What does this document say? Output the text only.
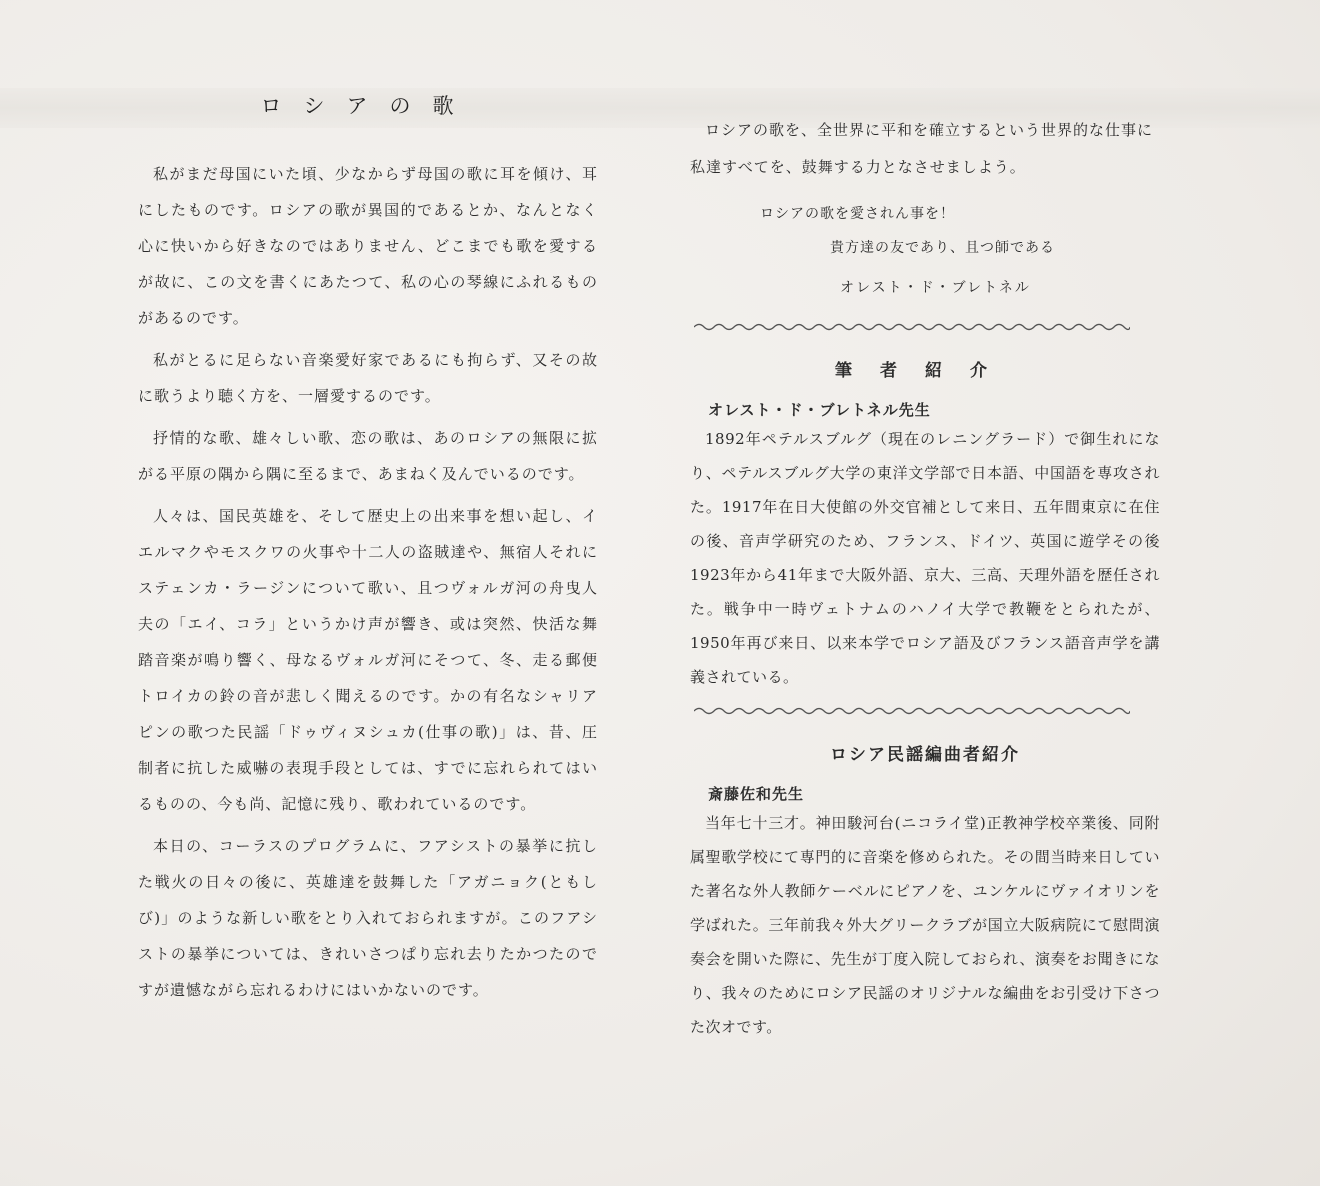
ロシアの歌

私がまだ母国にいた頃、少なからず母国の歌に耳を傾け、耳にしたものです。ロシアの歌が異国的であるとか、なんとなく心に快いから好きなのではありません、どこまでも歌を愛するが故に、この文を書くにあたつて、私の心の琴線にふれるものがあるのです。

私がとるに足らない音楽愛好家であるにも拘らず、又その故に歌うより聴く方を、一層愛するのです。

抒情的な歌、雄々しい歌、恋の歌は、あのロシアの無限に拡がる平原の隅から隅に至るまで、あまねく及んでいるのです。

人々は、国民英雄を、そして歴史上の出来事を想い起し、イエルマクやモスクワの火事や十二人の盗賊達や、無宿人それにステェンカ・ラージンについて歌い、且つヴォルガ河の舟曳人夫の「エイ、コラ」というかけ声が響き、或は突然、快活な舞踏音楽が鳴り響く、母なるヴォルガ河にそつて、冬、走る郵便トロイカの鈴の音が悲しく聞えるのです。かの有名なシャリアピンの歌つた民謡「ドゥヴィヌシュカ(仕事の歌)」は、昔、圧制者に抗した威嚇の表現手段としては、すでに忘れられてはいるものの、今も尚、記憶に残り、歌われているのです。

本日の、コーラスのプログラムに、フアシストの暴挙に抗した戦火の日々の後に、英雄達を鼓舞した「アガニョク(ともしび)」のような新しい歌をとり入れておられますが。このフアシストの暴挙については、きれいさつぱり忘れ去りたかつたのですが遺憾ながら忘れるわけにはいかないのです。

ロシアの歌を、全世界に平和を確立するという世界的な仕事に私達すべてを、鼓舞する力となさせましよう。

ロシアの歌を愛されん事を！
貴方達の友であり、且つ師である
オレスト・ド・ブレトネル
筆者紹介
オレスト・ド・ブレトネル先生

1892年ペテルスブルグ（現在のレニングラード）で御生れになり、ペテルスブルグ大学の東洋文学部で日本語、中国語を専攻された。1917年在日大使館の外交官補として来日、五年間東京に在住の後、音声学研究のため、フランス、ドイツ、英国に遊学その後1923年から41年まで大阪外語、京大、三高、天理外語を歴任された。戦争中一時ヴェトナムのハノイ大学で教鞭をとられたが、1950年再び来日、以来本学でロシア語及びフランス語音声学を講義されている。

ロシア民謡編曲者紹介
斎藤佐和先生

当年七十三才。神田駿河台(ニコライ堂)正教神学校卒業後、同附属聖歌学校にて専門的に音楽を修められた。その間当時来日していた著名な外人教師ケーベルにピアノを、ユンケルにヴァイオリンを学ばれた。三年前我々外大グリークラブが国立大阪病院にて慰問演奏会を開いた際に、先生が丁度入院しておられ、演奏をお聞きになり、我々のためにロシア民謡のオリジナルな編曲をお引受け下さつた次オです。
